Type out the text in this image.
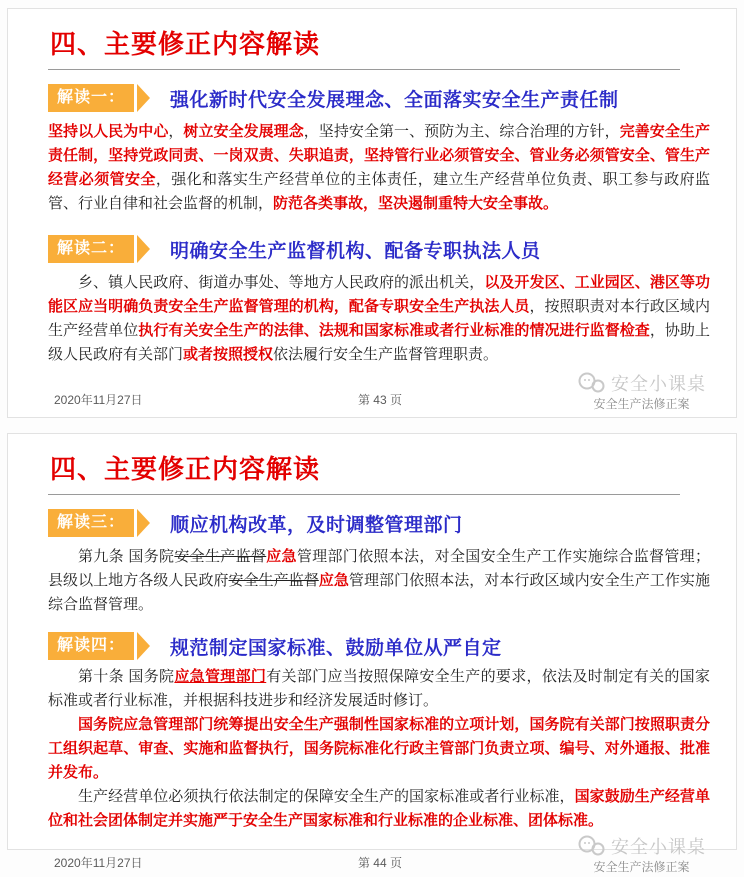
四、主要修正内容解读
解读一：	强化新时代安全发展理念、全面落实安全生产责任制

坚持以人民为中心，树立安全发展理念，坚持安全第一、预防为主、综合治理的方针，完善安全生产责任制，坚持党政同责、一岗双责、失职追责，坚持管行业必须管安全、管业务必须管安全、管生产经营必须管安全，强化和落实生产经营单位的主体责任，建立生产经营单位负责、职工参与政府监管、行业自律和社会监督的机制，防范各类事故，坚决遏制重特大安全事故。

解读二：	明确安全生产监督机构、配备专职执法人员

乡、镇人民政府、街道办事处、等地方人民政府的派出机关，以及开发区、工业园区、港区等功能区应当明确负责安全生产监督管理的机构，配备专职安全生产执法人员，按照职责对本行政区域内生产经营单位执行有关安全生产的法律、法规和国家标准或者行业标准的情况进行监督检查，协助上级人民政府有关部门或者按照授权依法履行安全生产监督管理职责。

2020年11月27日	第 43 页
安全小课桌
安全生产法修正案
四、主要修正内容解读
解读三：	顺应机构改革，及时调整管理部门

第九条 国务院安全生产监督应急管理部门依照本法，对全国安全生产工作实施综合监督管理；县级以上地方各级人民政府安全生产监督应急管理部门依照本法，对本行政区域内安全生产工作实施综合监督管理。

解读四：	规范制定国家标准、鼓励单位从严自定

第十条 国务院应急管理部门有关部门应当按照保障安全生产的要求，依法及时制定有关的国家标准或者行业标准，并根据科技进步和经济发展适时修订。

国务院应急管理部门统筹提出安全生产强制性国家标准的立项计划，国务院有关部门按照职责分工组织起草、审查、实施和监督执行，国务院标准化行政主管部门负责立项、编号、对外通报、批准并发布。

生产经营单位必须执行依法制定的保障安全生产的国家标准或者行业标准，国家鼓励生产经营单位和社会团体制定并实施严于安全生产国家标准和行业标准的企业标准、团体标准。

2020年11月27日	第 44 页
安全小课桌
安全生产法修正案
